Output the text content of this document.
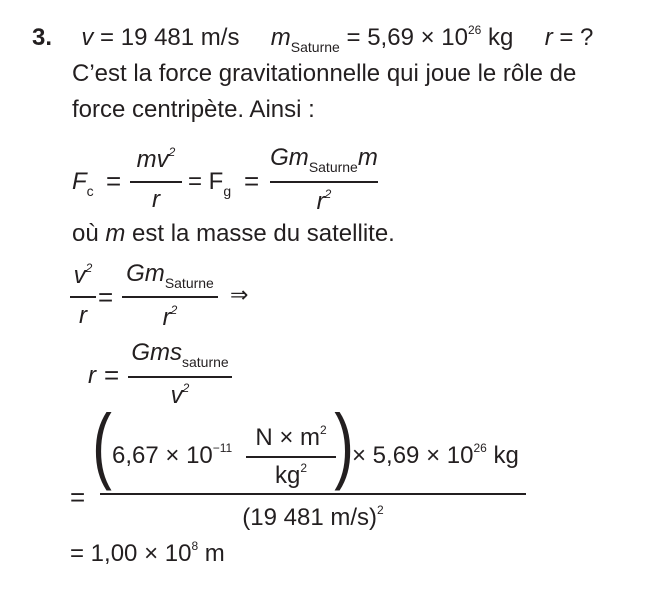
3. v = 19 481 m/s $m_{Saturne} = 5,69 \times 10^{26}$ kg r = ?
C’est la force gravitationnelle qui joue le rôle de
force centripète. Ainsi :
$F_c$ =
$mv^2$
r
= $F_g$ =
$Gm_{Saturne}m$
$r^2$
où m est la masse du satellite.
$v^2$
r
=
$Gm_{Saturne}$
$r^2$
⇒
r =
Gms$_{saturne}$
$v^2$
=
( $6,67 \times 10^{-11}$ $N \times m^2$
$kg^2$ )
× $5,69 \times 10^{26}$ kg
(19 481 m/s)$^2$
= $1,00 \times 10^8$ m
